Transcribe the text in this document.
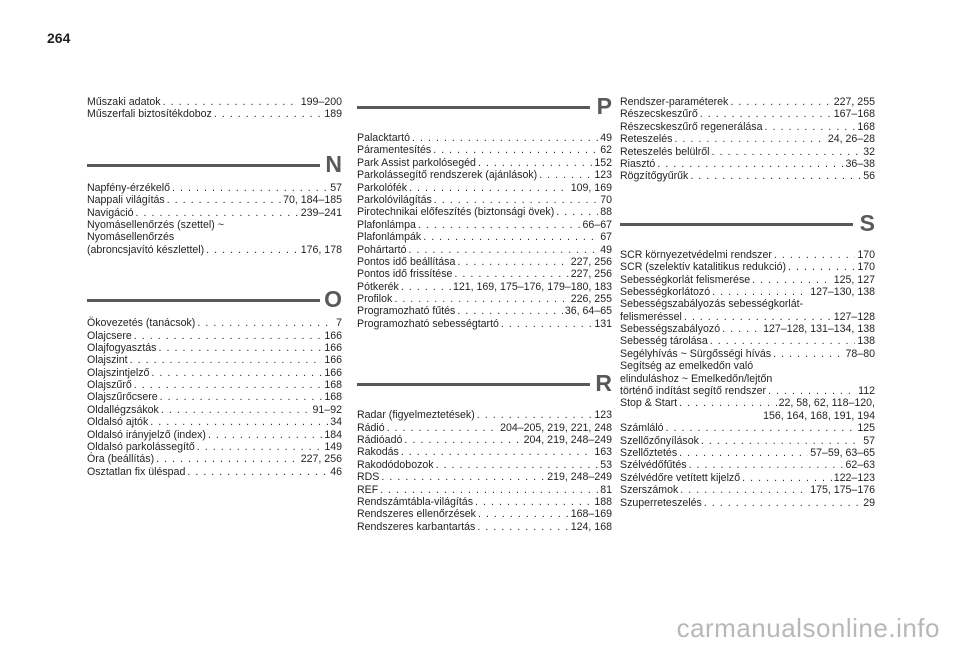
264
Műszaki adatok . . .	199–200
Műszerfali biztosítékdoboz . . .	189
N
Napfény-érzékelő . . .	57
Nappali világítás . . .	70, 184–185
Navigáció . . .	239–241
Nyomásellenőrzés (szettel) ~
Nyomásellenőrzés
(abroncsjavító készlettel) . . .	176, 178
O
Ökovezetés (tanácsok) . . .	7
Olajcsere . . .	166
Olajfogyasztás . . .	166
Olajszint . . .	166
Olajszintjelző . . .	166
Olajszűrő . . .	168
Olajszűrőcsere . . .	168
Oldallégzsákok . . .	91–92
Oldalsó ajtók . . .	34
Oldalsó irányjelző (index) . . .	184
Oldalsó parkolássegítő . . .	149
Óra (beállítás) . . .	227, 256
Osztatlan fix üléspad . . .	46
P
Palacktartó . . .	49
Páramentesítés . . .	62
Park Assist parkolósegéd . . .	152
Parkolássegítő rendszerek (ajánlások) . . .	123
Parkolófék . . .	109, 169
Parkolóvilágítás . . .	70
Pirotechnikai előfeszítés (biztonsági övek) . . .	88
Plafonlámpa . . .	66–67
Plafonlámpák . . .	67
Pohártartó . . .	49
Pontos idő beállítása . . .	227, 256
Pontos idő frissítése . . .	227, 256
Pótkerék . . .	121, 169, 175–176, 179–180, 183
Profilok . . .	226, 255
Programozható fűtés . . .	36, 64–65
Programozható sebességtartó . . .	131
R
Radar (figyelmeztetések) . . .	123
Rádió . . .	204–205, 219, 221, 248
Rádióadó . . .	204, 219, 248–249
Rakodás . . .	163
Rakodódobozok . . .	53
RDS . . .	219, 248–249
REF . . .	81
Rendszámtábla-világítás . . .	188
Rendszeres ellenőrzések . . .	168–169
Rendszeres karbantartás . . .	124, 168
Rendszer-paraméterek . . .	227, 255
Részecskeszűrő . . .	167–168
Részecskeszűrő regenerálása . . .	168
Reteszelés . . .	24, 26–28
Reteszelés belülről . . .	32
Riasztó . . .	36–38
Rögzítőgyűrűk . . .	56
S
SCR környezetvédelmi rendszer . . .	170
SCR (szelektív katalitikus redukció) . . .	170
Sebességkorlát felismerése . . .	125, 127
Sebességkorlátozó . . .	127–130, 138
Sebességszabályozás sebességkorlát-
felismeréssel . . .	127–128
Sebességszabályozó . . .	127–128, 131–134, 138
Sebesség tárolása . . .	138
Segélyhívás ~ Sürgősségi hívás . . .	78–80
Segítség az emelkedőn való
elinduláshoz ~ Emelkedőn/lejtőn
történő indítást segítő rendszer . . .	112
Stop & Start . . .	22, 58, 62, 118–120,
156, 164, 168, 191, 194
Számláló . . .	125
Szellőzőnyílások . . .	57
Szellőztetés . . .	57–59, 63–65
Szélvédőfűtés . . .	62–63
Szélvédőre vetített kijelző . . .	122–123
Szerszámok . . .	175, 175–176
Szuperreteszelés . . .	29
carmanualsonline.info
